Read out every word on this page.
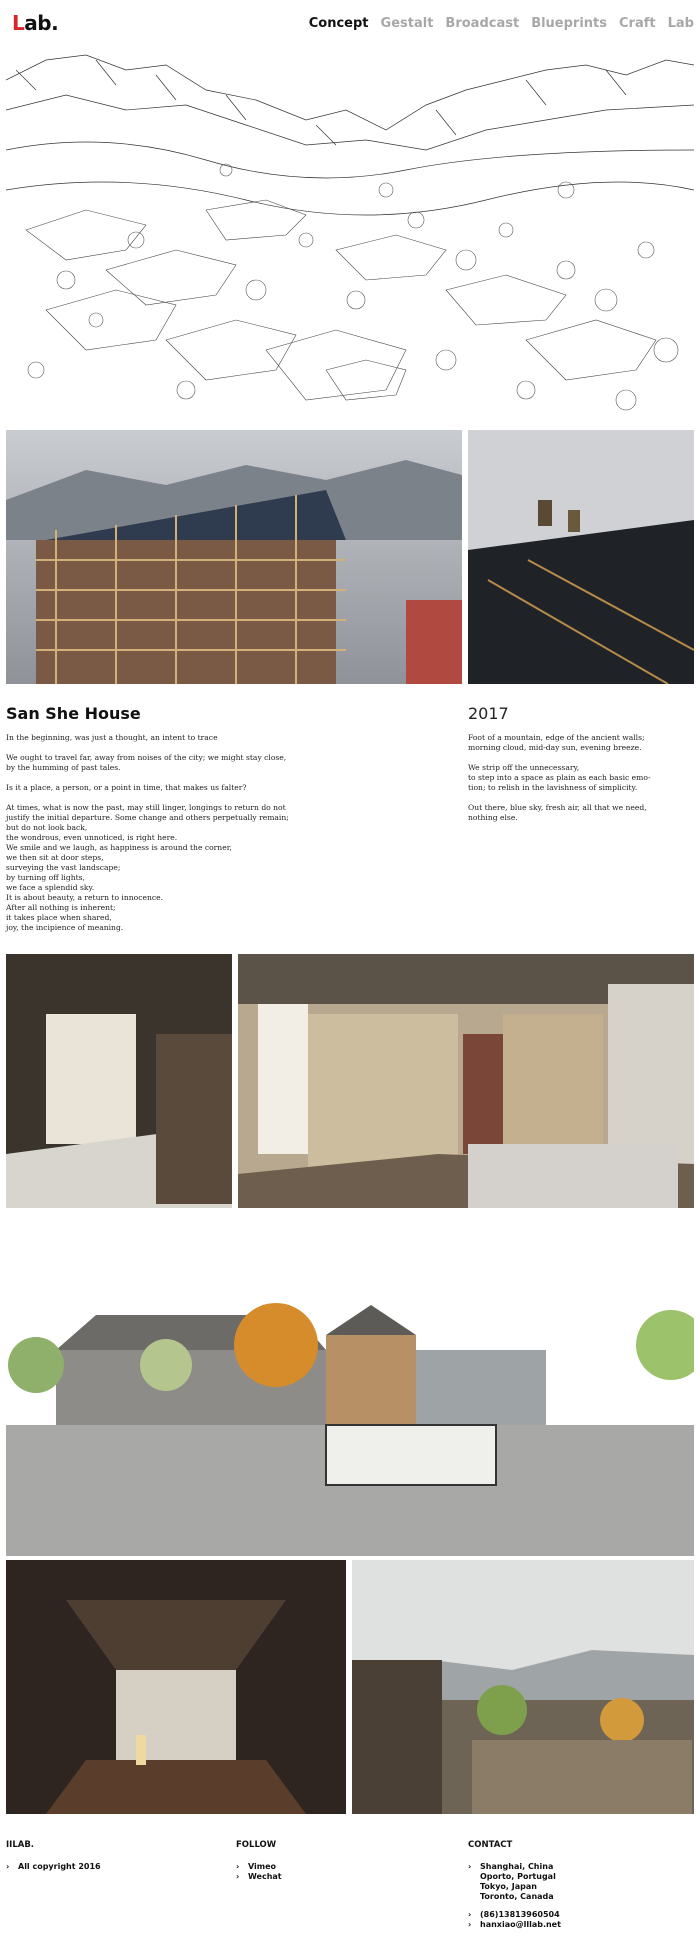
L ab .	Concept Gestalt Broadcast Blueprints Craft Lab
San She House

In the beginning, was just a thought, an intent to trace

We ought to travel far, away from noises of the city; we might stay close,
by the humming of past tales.

Is it a place, a person, or a point in time, that makes us falter?

At times, what is now the past, may still linger, longings to return do not
justify the initial departure. Some change and others perpetually remain;
but do not look back,
the wondrous, even unnoticed, is right here.
We smile and we laugh, as happiness is around the corner,
we then sit at door steps,
surveying the vast landscape;
by turning off lights,
we face a splendid sky.
It is about beauty, a return to innocence.
After all nothing is inherent;
it takes place when shared,
joy, the incipience of meaning.

2017

Foot of a mountain, edge of the ancient walls;
morning cloud, mid-day sun, evening breeze.

We strip off the unnecessary,
to step into a space as plain as each basic emo-
tion; to relish in the lavishness of simplicity.

Out there, blue sky, fresh air, all that we need,
nothing else.

IILAB.
›	All copyright 2016
FOLLOW
›	Vimeo
›	Wechat
CONTACT
›	Shanghai, China
Oporto, Portugal
Tokyo, Japan
Toronto, Canada
›	(86)13813960504
›	hanxiao@lllab.net
